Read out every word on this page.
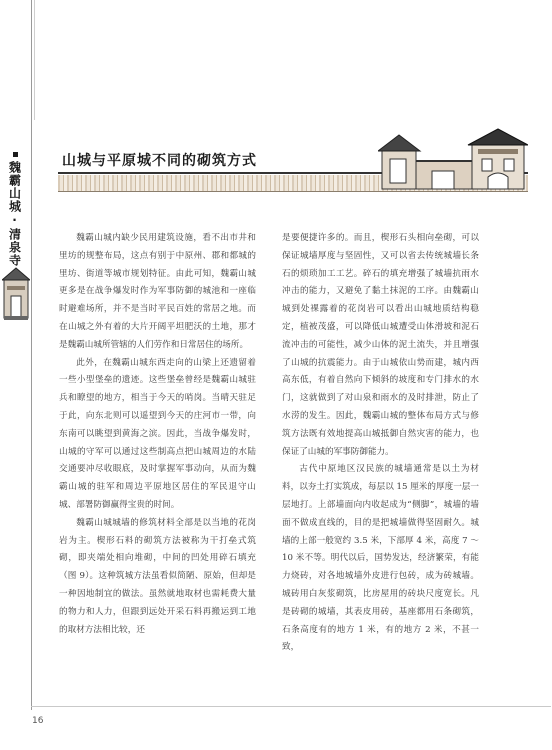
魏霸山城·清泉寺	山城与平原城不同的砌筑方式

魏霸山城内缺少民用建筑设施，看不出市井和里坊的规整布局，这点有别于中原州、郡和都城的里坊、街道等城市规划特征。由此可知，魏霸山城更多是在战争爆发时作为军事防御的城池和一座临时避难场所，并不是当时平民百姓的常居之地。而在山城之外有着的大片开阔平坦肥沃的土地，那才是魏霸山城所管辖的人们劳作和日常居住的场所。

此外，在魏霸山城东西走向的山梁上还遗留着一些小型堡垒的遗迹。这些堡垒曾经是魏霸山城驻兵和瞭望的地方，相当于今天的哨岗。当晴天驻足于此，向东北则可以遥望到今天的庄河市一带，向东南可以眺望到黄海之滨。因此，当战争爆发时，山城的守军可以通过这些制高点把山城周边的水陆交通要冲尽收眼底，及时掌握军事动向，从而为魏霸山城的驻军和周边平原地区居住的军民退守山城、部署防御赢得宝贵的时间。

魏霸山城城墙的修筑材料全部是以当地的花岗岩为主。楔形石料的砌筑方法被称为干打垒式筑砌，即夹端处相向堆砌，中间的凹处用碎石填充（图 9）。这种筑城方法虽看似简陋、原始，但却是一种因地制宜的做法。虽然就地取材也需耗费大量的物力和人力，但跟到远处开采石料再搬运到工地的取材方法相比较，还

是要便捷许多的。而且，楔形石头相向垒砌，可以保证城墙厚度与坚固性，又可以省去传统城墙长条石的烦琐加工工艺。碎石的填充增强了城墙抗雨水冲击的能力，又避免了黏土抹泥的工序。由魏霸山城到处裸露着的花岗岩可以看出山城地质结构稳定，植被茂盛，可以降低山城遭受山体滑坡和泥石流冲击的可能性，减少山体的泥土流失，并且增强了山城的抗震能力。由于山城依山势而建，城内西高东低，有着自然向下倾斜的坡度和专门排水的水门，这就做到了对山泉和雨水的及时排泄，防止了水涝的发生。因此，魏霸山城的整体布局方式与修筑方法既有效地提高山城抵御自然灾害的能力，也保证了山城的军事防御能力。

古代中原地区汉民族的城墙通常是以土为材料，以夯土打实筑成，每层以 15 厘米的厚度一层一层地打。上部墙面向内收起成为“侧脚”，城墙的墙面不做成直线的，目的是把城墙做得坚固耐久。城墙的上部一般宽约 3.5 米，下部厚 4 米，高度 7 ～ 10 米不等。明代以后，国势发达，经济繁荣，有能力烧砖，对各地城墙外皮进行包砖，成为砖城墙。城砖用白灰浆砌筑，比房屋用的砖块尺度宽长。凡是砖砌的城墙，其表皮用砖，基座都用石条砌筑，石条高度有的地方 1 米，有的地方 2 米，不甚一致，

16
